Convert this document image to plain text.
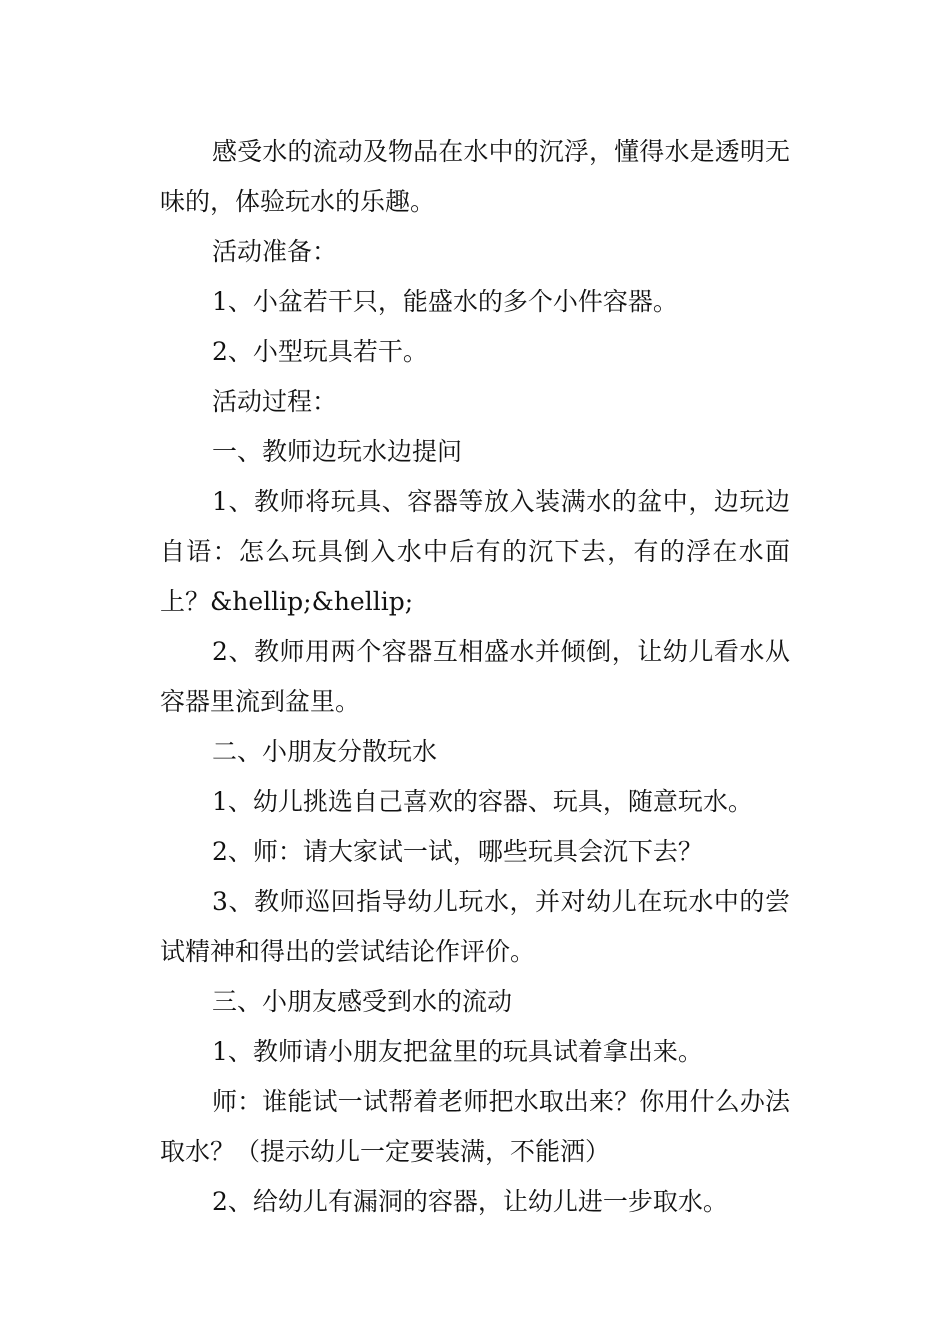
感受水的流动及物品在水中的沉浮，懂得水是透明无味的，体验玩水的乐趣。

活动准备：

1、小盆若干只，能盛水的多个小件容器。

2、小型玩具若干。

活动过程：

一、教师边玩水边提问

1、教师将玩具、容器等放入装满水的盆中，边玩边自语：怎么玩具倒入水中后有的沉下去，有的浮在水面上？&hellip;&hellip;

2、教师用两个容器互相盛水并倾倒，让幼儿看水从容器里流到盆里。

二、小朋友分散玩水

1、幼儿挑选自己喜欢的容器、玩具，随意玩水。

2、师：请大家试一试，哪些玩具会沉下去？

3、教师巡回指导幼儿玩水，并对幼儿在玩水中的尝试精神和得出的尝试结论作评价。

三、小朋友感受到水的流动

1、教师请小朋友把盆里的玩具试着拿出来。

师：谁能试一试帮着老师把水取出来？你用什么办法取水？（提示幼儿一定要装满，不能洒）

2、给幼儿有漏洞的容器，让幼儿进一步取水。
